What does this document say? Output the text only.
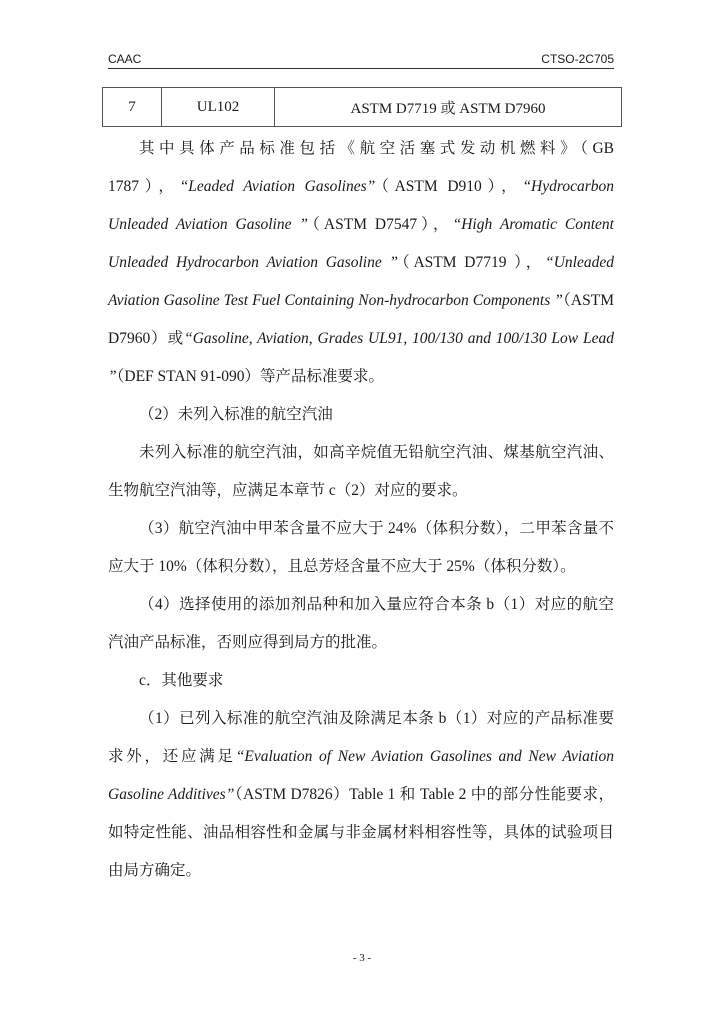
CAAC	CTSO-2C705
7	UL102	ASTM D7719 或 ASTM D7960

其中具体产品标准包括《航空活塞式发动机燃料》（GB 1787），“Leaded Aviation Gasolines”（ASTM D910），“Hydrocarbon Unleaded Aviation Gasoline ”（ASTM D7547），“High Aromatic Content Unleaded Hydrocarbon Aviation Gasoline ”（ASTM D7719 ），“Unleaded Aviation Gasoline Test Fuel Containing Non-hydrocarbon Components ”（ASTM D7960）或“Gasoline, Aviation, Grades UL91, 100/130 and 100/130 Low Lead ”（DEF STAN 91-090）等产品标准要求。

（2）未列入标准的航空汽油

未列入标准的航空汽油，如高辛烷值无铅航空汽油、煤基航空汽油、生物航空汽油等，应满足本章节 c（2）对应的要求。

（3）航空汽油中甲苯含量不应大于 24%（体积分数），二甲苯含量不应大于 10%（体积分数），且总芳烃含量不应大于 25%（体积分数）。

（4）选择使用的添加剂品种和加入量应符合本条 b（1）对应的航空汽油产品标准，否则应得到局方的批准。

c．其他要求

（1）已列入标准的航空汽油及除满足本条 b（1）对应的产品标准要求外，还应满足“Evaluation of New Aviation Gasolines and New Aviation Gasoline Additives”（ASTM D7826）Table 1 和 Table 2 中的部分性能要求，如特定性能、油品相容性和金属与非金属材料相容性等，具体的试验项目由局方确定。

- 3 -
